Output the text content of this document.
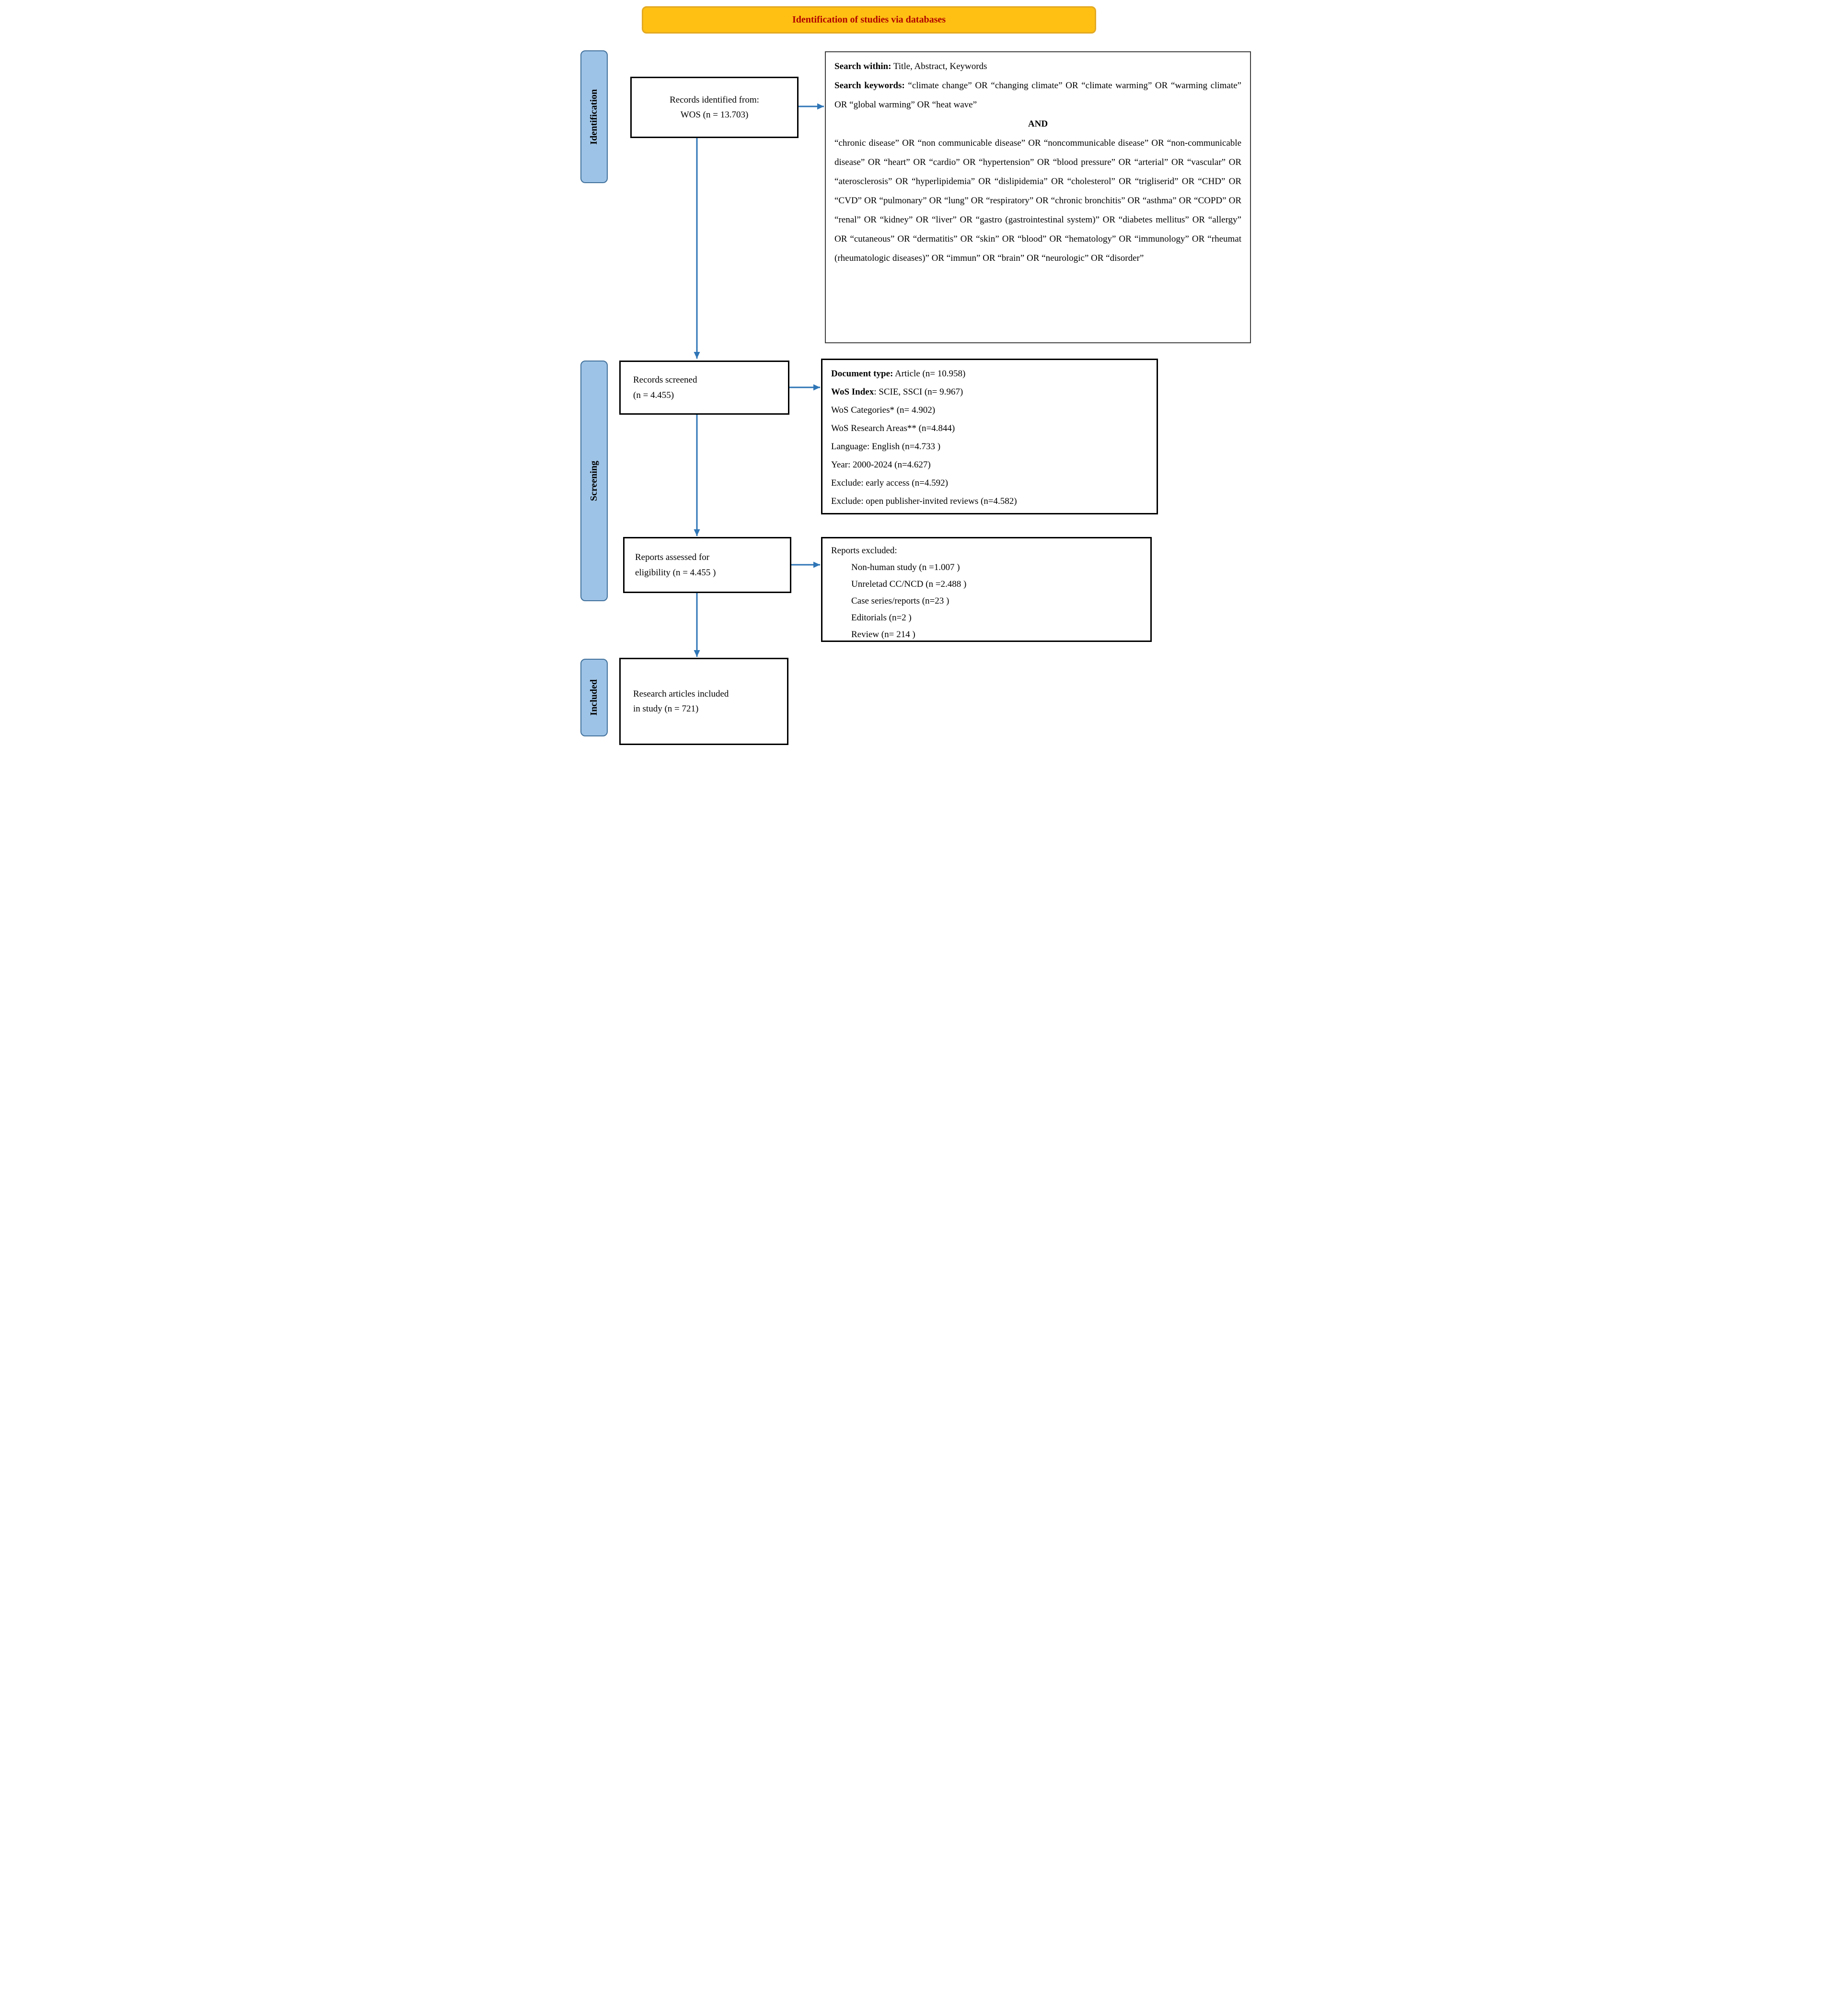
Identification of studies via databases
Identification
Screening
Included
Records identified from:
WOS (n = 13.703)
Records screened
(n = 4.455)
Reports assessed for
eligibility (n = 4.455 )
Research articles included
in study (n = 721)

Search within: Title, Abstract, Keywords

Search keywords: “climate change” OR “changing climate” OR “climate warming” OR “warming climate” OR “global warming” OR “heat wave”

AND

“chronic disease” OR “non communicable disease” OR “noncommunicable disease” OR “non-communicable disease” OR “heart” OR “cardio” OR “hypertension” OR “blood pressure” OR “arterial” OR “vascular” OR “aterosclerosis” OR “hyperlipidemia” OR “dislipidemia” OR “cholesterol” OR “trigliserid” OR “CHD” OR “CVD” OR “pulmonary” OR “lung” OR “respiratory” OR “chronic bronchitis” OR “asthma” OR “COPD” OR “renal” OR “kidney” OR “liver” OR “gastro (gastrointestinal system)” OR “diabetes mellitus” OR “allergy” OR “cutaneous” OR “dermatitis” OR “skin” OR “blood” OR “hematology” OR “immunology” OR “rheumat (rheumatologic diseases)” OR “immun” OR “brain” OR “neurologic” OR “disorder”

Document type: Article (n= 10.958)

WoS Index: SCIE, SSCI (n= 9.967)

WoS Categories* (n= 4.902)

WoS Research Areas** (n=4.844)

Language: English (n=4.733 )

Year: 2000-2024 (n=4.627)

Exclude: early access (n=4.592)

Exclude: open publisher-invited reviews (n=4.582)

Reports excluded:

Non-human study (n =1.007 )

Unreletad CC/NCD (n =2.488 )

Case series/reports (n=23 )

Editorials (n=2 )

Review (n= 214 )
